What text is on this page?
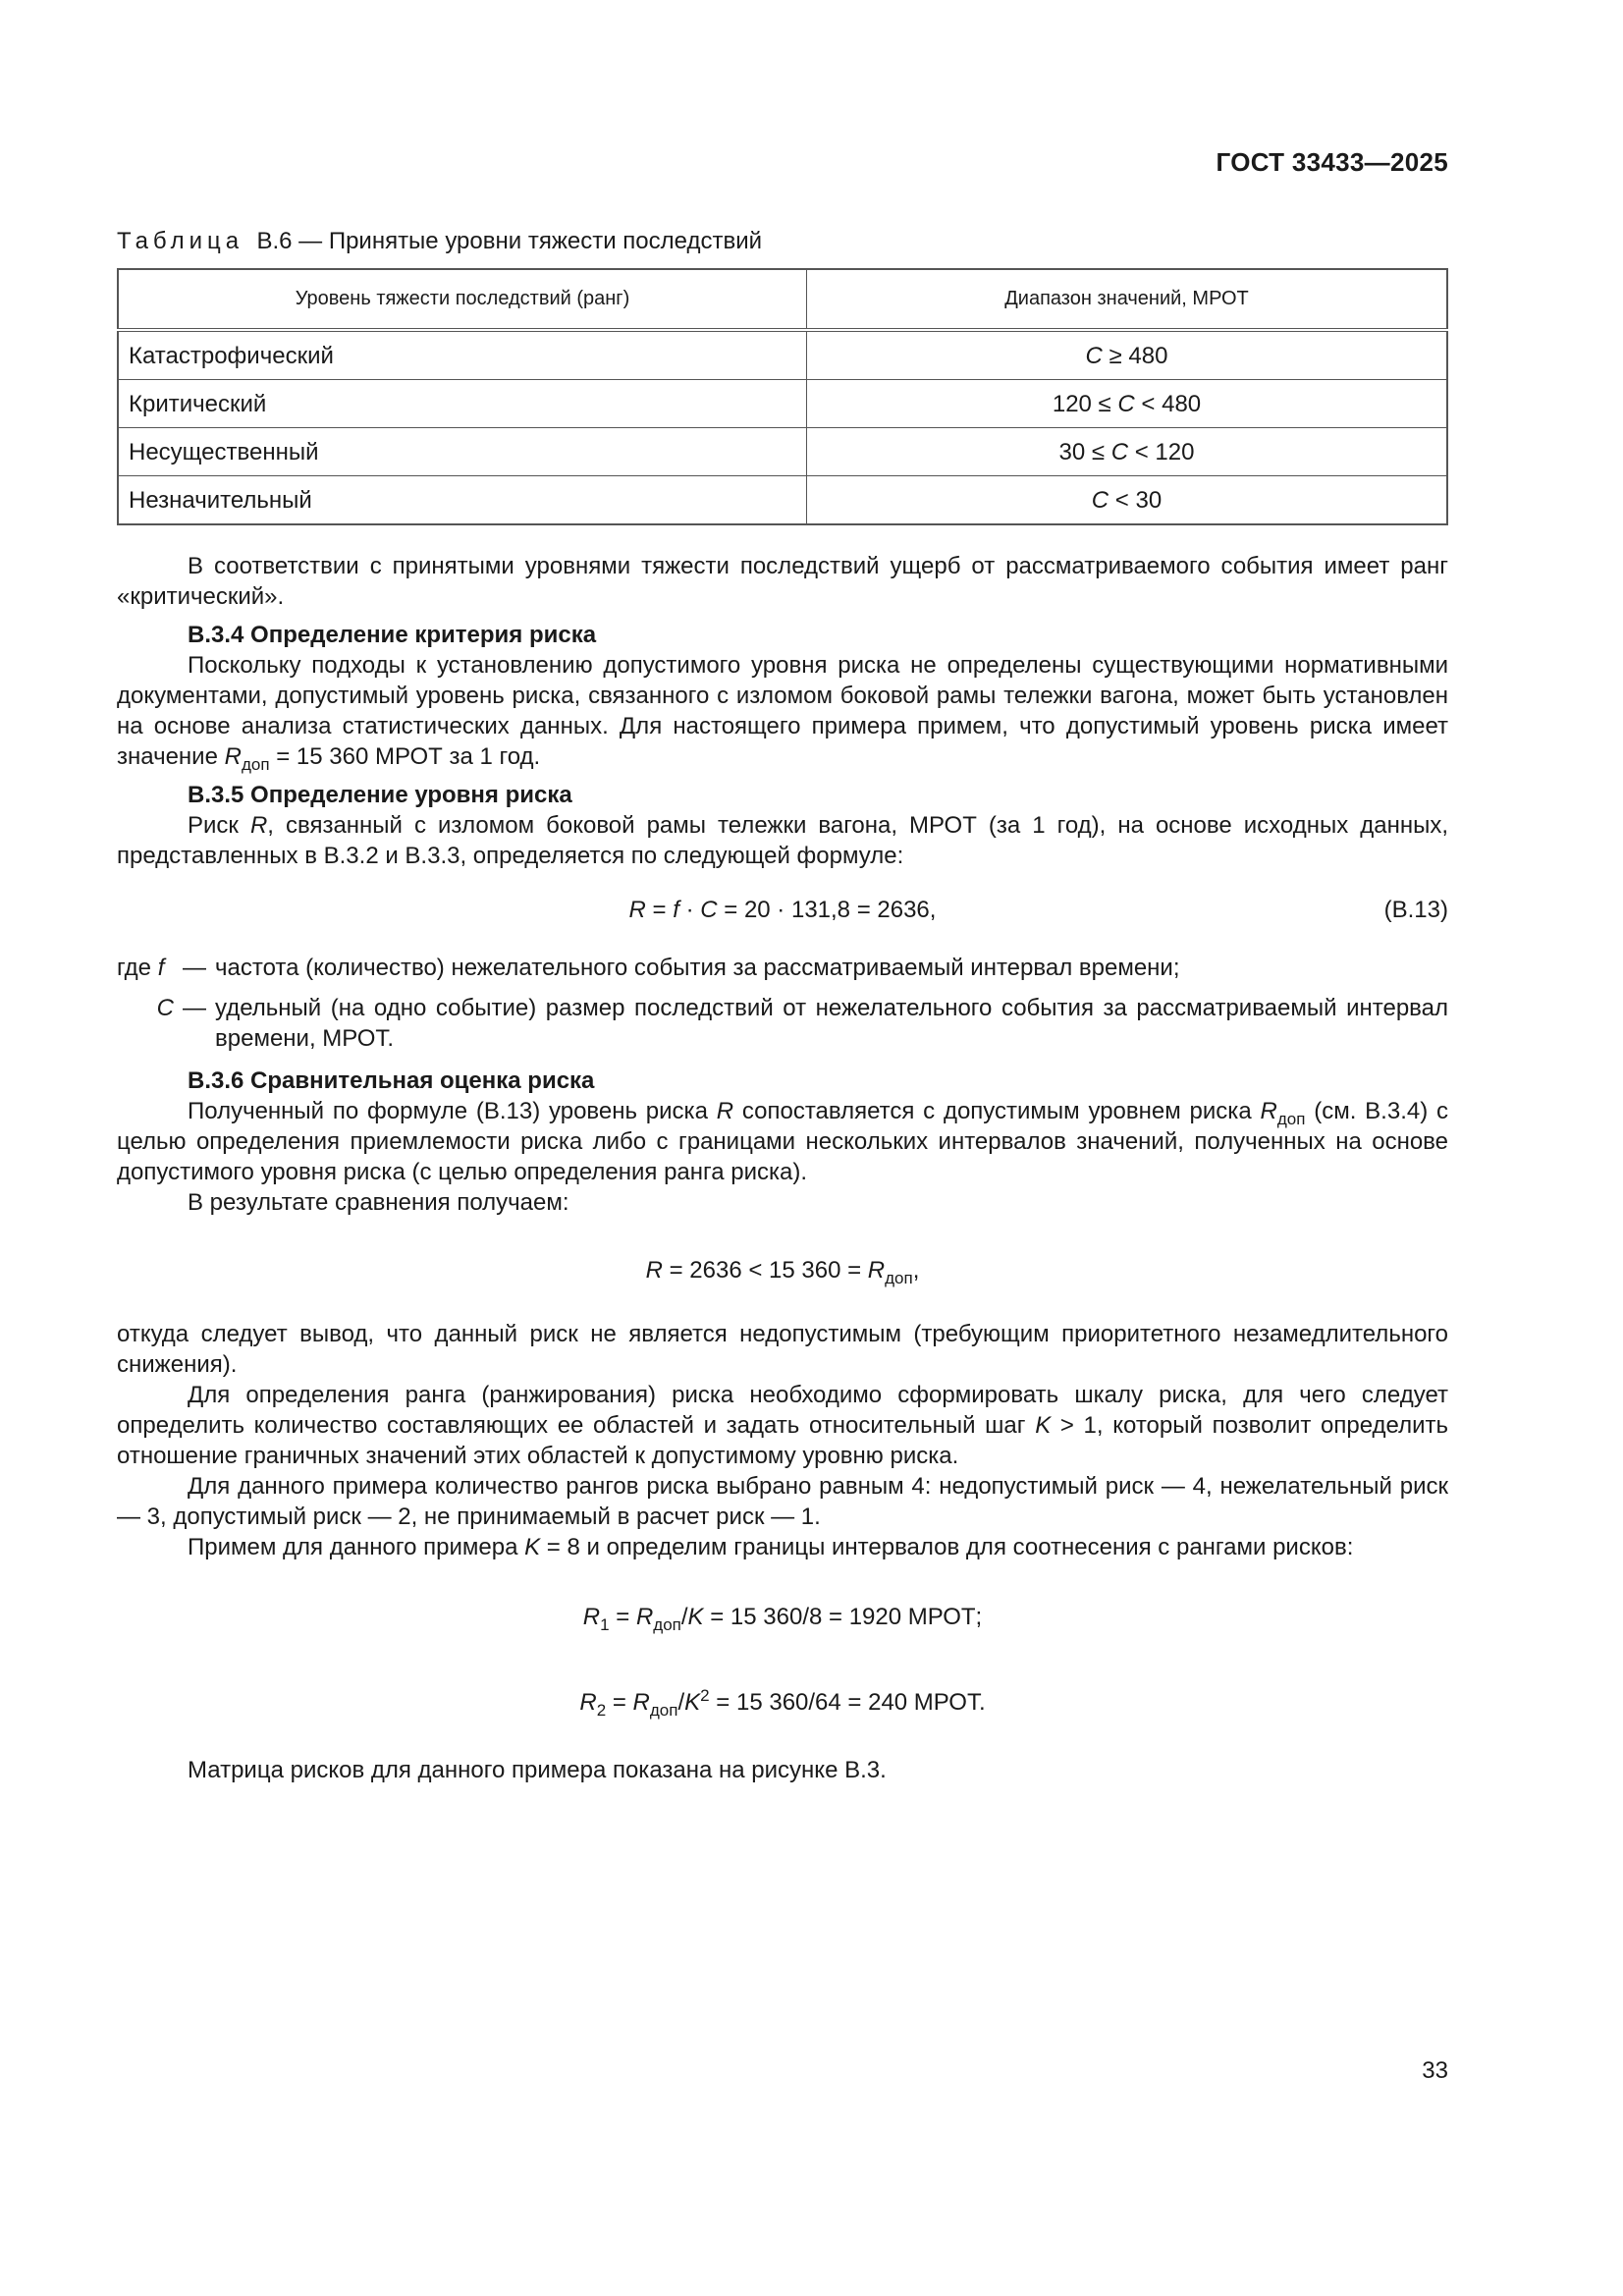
ГОСТ 33433—2025

Таблица В.6 — Принятые уровни тяжести последствий

Уровень тяжести последствий (ранг)	Диапазон значений, МРОТ
Катастрофический	C ≥ 480
Критический	120 ≤ C < 480
Несущественный	30 ≤ C < 120
Незначительный	C < 30

В соответствии с принятыми уровнями тяжести последствий ущерб от рассматриваемого события имеет ранг «критический».

В.3.4 Определение критерия риска

Поскольку подходы к установлению допустимого уровня риска не определены существующими нормативными документами, допустимый уровень риска, связанного с изломом боковой рамы тележки вагона, может быть установлен на основе анализа статистических данных. Для настоящего примера примем, что допустимый уровень риска имеет значение $R_{доп} = 15$ 360 МРОТ за 1 год.

В.3.5 Определение уровня риска

Риск R, связанный с изломом боковой рамы тележки вагона, МРОТ (за 1 год), на основе исходных данных, представленных в В.3.2 и В.3.3, определяется по следующей формуле:

R = f · C = 20 · 131,8 = 2636,	(В.13)
где f — частота (количество) нежелательного события за рассматриваемый интервал времени;
C — удельный (на одно событие) размер последствий от нежелательного события за рассматриваемый интервал времени, МРОТ.

В.3.6 Сравнительная оценка риска

Полученный по формуле (В.13) уровень риска R сопоставляется с допустимым уровнем риска $R_{доп}$ (см. В.3.4) с целью определения приемлемости риска либо с границами нескольких интервалов значений, полученных на основе допустимого уровня риска (с целью определения ранга риска).

В результате сравнения получаем:

R = 2636 < 15 $360 = R_{доп}$,

откуда следует вывод, что данный риск не является недопустимым (требующим приоритетного незамедлительного снижения).

Для определения ранга (ранжирования) риска необходимо сформировать шкалу риска, для чего следует определить количество составляющих ее областей и задать относительный шаг K > 1, который позволит определить отношение граничных значений этих областей к допустимому уровню риска.

Для данного примера количество рангов риска выбрано равным 4: недопустимый риск — 4, нежелательный риск — 3, допустимый риск — 2, не принимаемый в расчет риск — 1.

Примем для данного примера K = 8 и определим границы интервалов для соотнесения с рангами рисков:

$R_1 = R_{доп}/K = 15$ 360/8 = 1920 МРОТ;
$R_2 = R_{доп}/K^2 = 15$ 360/64 = 240 МРОТ.

Матрица рисков для данного примера показана на рисунке В.3.

33
